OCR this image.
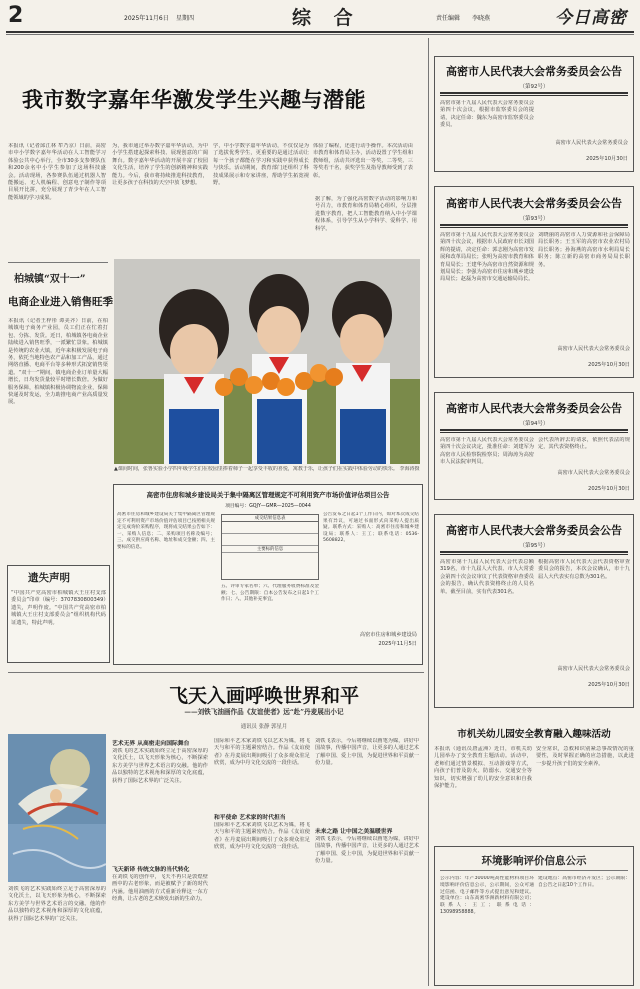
2	2025年11月6日 星期四	综 合	责任编辑 李晓燕	今日高密
我市数字嘉年华激发学生兴趣与潜能
本报讯（记者邱江林 牟乃京）日前，高密市中小学数字嘉年华活动在人工智能学习体验公共中心举行，全市30多支参赛队伍和200余名中小学生参加了这场科技盛会。活动现场，各参赛队伍通过机器人智能搬运、无人机编程、创意电子制作等项目展开比拼，充分展现了青少年在人工智能领域的学习成果。
为，我市通过举办数字嘉年华活动，为中小学生搭建起探索科技、展现创意的广阔舞台。数字嘉年华活动的开展丰富了校园文化生活，培养了学生的创新精神和实践能力。今后，我市将持续推进科技教育，让更多孩子在科技的天空中放飞梦想。
学，中小学数字嘉年华活动，不仅仅是为了选拔优秀学生，更重要的是通过活动让每一个孩子都能在学习和实践中获得成长与快乐。活动期间，教育部门还组织了科技成果展示和专家讲座，帮助学生拓宽视野。
体验了编程，还进行动手操作。本次活动由市教育和体育局主办，活动设置了学生组和教师组，活动共评选出一等奖、二等奖、三等奖若干名，获奖学生及指导教师受到了表彰。
据了解，为了强化高密数字活动的影响力和号召力，市教育和体育局精心组织，分层推进数字教育，把人工智能教育纳入中小学课程体系，引导学生从小学科学、爱科学、用科学。
柏城镇“双十一”
电商企业进入销售旺季
本报讯（记者王梓彤 谭美齐）日前，在柏城镇电子商务产业园，员工们正在忙着打包、分拣、发货。近日，柏城镇各电商企业陆续进入销售旺季，一派繁忙景象。柏城镇是传统的农业大镇，近年来积极发展电子商务，依托当地特色农产品和加工产品，通过网络直播、电商平台等多种形式拓宽销售渠道。“双十一”期间，镇电商企业订单量大幅增长，日均发货量较平时增长数倍。为做好服务保障，柏城镇积极协调物流企业，保障快递及时发运，全力助推电商产业高质量发展。
▲课间时间，张鲁实验小学四年级学生们在校园里捧着柿子一起享受丰收的喜悦，寓教于乐，让孩子们在实践中体验劳动的快乐。 李海涛摄
遗失声明
“中国共产党高密市柏城镇大王庄村支部委员会”印章（编号：3707830800349）遗失，声明作废。“中国共产党高密市柏城镇大王庄村支部委员会”组织机构代码证遗失，特此声明。
高密市住房和城乡建设局关于集中隔离区管理规定不可利用资产市场价值评估项目公告
项目编号：GQJY—GMR—2025—0044
高密市住房和城乡建设局关于集中隔离区管理规定不可利用资产市场价值评估项目已按照相关规定完成询价采购程序，现将成交结果公告如下：一、采购人信息；二、采购项目名称及编号；三、成交供应商名称、地址和成交金额；四、主要标的信息。
成交结果信息表
主要标的信息
五、评审专家名单；六、代理服务收费标准及金额；七、公告期限：自本公告发布之日起1个工作日；八、其他补充事宜。
公告发布之日起1个工作日内，如对本次成交结果有异议，可通过书面形式向采购人提出质疑。联系方式：采购人：高密市住房和城乡建设局；联系人：王工；联系电话：0536-5608822。
高密市住房和城乡建设局
2025年11月5日
飞天入画呼唤世界和平
——刘铁飞油画作品《友谊使者》远“赴”丹麦展出小记
通讯员 张静 郭星月
刘铁飞的艺术实践始终立足于高密深厚的文化沃土，以飞天形象为核心，不断探索东方美学与世界艺术语言的交融。他的作品以独特的艺术视角和深厚的文化底蕴，获得了国际艺术界的广泛关注。
艺术无界 从高密走向国际舞台
刘铁飞的艺术实践始终立足于高密深厚的文化沃土，以飞天形象为核心，不断探索东方美学与世界艺术语言的交融。他的作品以独特的艺术视角和深厚的文化底蕴，获得了国际艺术界的广泛关注。
飞天新译 传统文脉的当代转化
在刘铁飞的创作中，飞天不再只是敦煌壁画中的古老形象，而是被赋予了新的时代内涵。他用油画的方式重新诠释这一东方经典，让古老的艺术焕发出新的生命力。
和平使命 艺术家的时代担当
国际和平艺术家刘铁飞以艺术为媒，将飞天与和平的主题紧密结合。作品《友谊使者》在丹麦展出期间吸引了众多观众驻足欣赏，成为中丹文化交流的一段佳话。
国际和平艺术家刘铁飞以艺术为媒，将飞天与和平的主题紧密结合。作品《友谊使者》在丹麦展出期间吸引了众多观众驻足欣赏，成为中丹文化交流的一段佳话。
刘铁飞表示，今后将继续以画笔为媒，讲好中国故事，传播中国声音，让更多的人通过艺术了解中国、爱上中国，为促进世界和平贡献一份力量。
未来之路 让中国之美温暖世界
刘铁飞表示，今后将继续以画笔为媒，讲好中国故事，传播中国声音，让更多的人通过艺术了解中国、爱上中国，为促进世界和平贡献一份力量。
高密市人民代表大会常务委员会公告
（第92号）
高密市第十九届人民代表大会常务委员会第四十次会议，根据市监察委员会的提请，决定任命：魏东为高密市监察委员会委员。
高密市人民代表大会常务委员会
2025年10月30日
高密市人民代表大会常务委员会公告
（第93号）
高密市第十九届人民代表大会常务委员会第四十次会议，根据市人民政府市长刘国辉的提请，决定任命：郭志刚为高密市发展和改革局局长；张明为高密市教育和体育局局长；王建华为高密市自然资源和规划局局长；李强为高密市住房和城乡建设局局长；赵磊为高密市交通运输局局长。
刘晓丽的高密市人力资源和社会保障局局长职务；王玉军的高密市农业农村局局长职务；孙海燕的高密市水利局局长职务；陈立新的高密市商务局局长职务。
高密市人民代表大会常务委员会
2025年10月30日
高密市人民代表大会常务委员会公告
（第94号）
高密市第十九届人民代表大会常务委员会第四十次会议决定，批准任命：刘建军为高密市人民检察院检察员；周海涛为高密市人民法院审判员。
会代表所辞去的请求，依照代表法的规定，其代表资格终止。
高密市人民代表大会常务委员会
2025年10月30日
高密市人民代表大会常务委员会公告
（第95号）
高密市第十九届人民代表大会代表总额319名，市十九届人大代表、市人大常委会第四十次会议审议了代表资格审查委员会的报告，确认代表资格终止的人员名单。截至目前，实有代表301名。
根据高密市人民代表大会代表资格审查委员会的报告，本次会议确认，市十九届人大代表实有总数为301名。
高密市人民代表大会常务委员会
2025年10月30日
市机关幼儿园安全教育融入趣味活动
本报讯（通讯员唐孟洲）近日，市机关幼儿园举办了安全教育主题活动。活动中，老师们通过情景模拟、互动游戏等方式，向孩子们普及防火、防溺水、交通安全等知识，切实增强了幼儿的安全意识和自我保护能力。
安全常识，急救和识别紧急事故情况的重要性，及时掌握正确的应急措施，以此进一步提升孩子们的安全素养。
环境影响评价信息公示
公示内容：年产30000吨高性能材料项目环境影响评价信息公示，公示期间，公众可通过信函、电子邮件等方式提出意见和建议。建设单位：山东高密华洲新材料有限公司；联系人：王工；联系电话：13098958888。
建设地点：高密市经济开发区；公示期限：自公告之日起10个工作日。
